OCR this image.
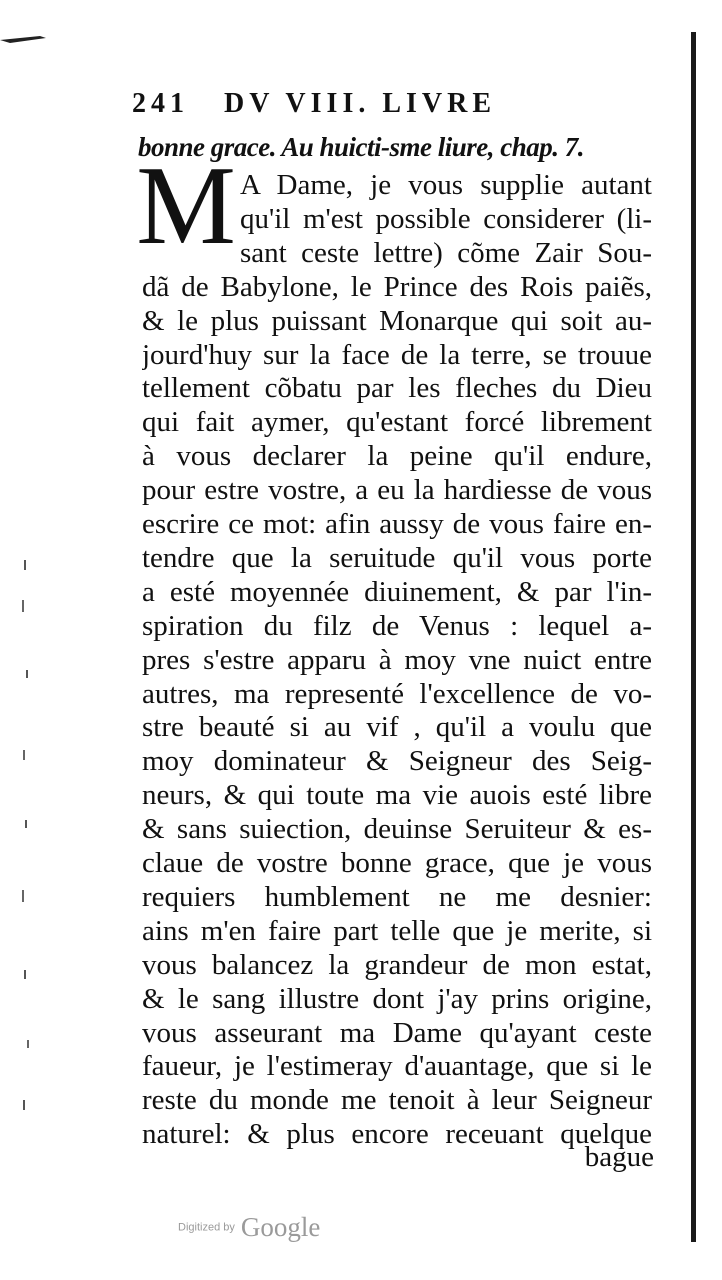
241 DV VIII. LIVRE
bonne grace. Au huicti-sme liure, chap. 7.
M A Dame, je vous supplie autant
qu'il m'est possible considerer (li-
sant ceste lettre) cõme Zair Sou-
dã de Babylone, le Prince des Rois paiẽs,
& le plus puissant Monarque qui soit au-
jourd'huy sur la face de la terre, se trouue
tellement cõbatu par les fleches du Dieu
qui fait aymer, qu'estant forcé librement
à vous declarer la peine qu'il endure,
pour estre vostre, a eu la hardiesse de vous
escrire ce mot: afin aussy de vous faire en-
tendre que la seruitude qu'il vous porte
a esté moyennée diuinement, & par l'in-
spiration du filz de Venus : lequel a-
pres s'estre apparu à moy vne nuict entre
autres, ma representé l'excellence de vo-
stre beauté si au vif , qu'il a voulu que
moy dominateur & Seigneur des Seig-
neurs, & qui toute ma vie auois esté libre
& sans suiection, deuinse Seruiteur & es-
claue de vostre bonne grace, que je vous
requiers humblement ne me desnier:
ains m'en faire part telle que je merite, si
vous balancez la grandeur de mon estat,
& le sang illustre dont j'ay prins origine,
vous asseurant ma Dame qu'ayant ceste
faueur, je l'estimeray d'auantage, que si le
reste du monde me tenoit à leur Seigneur
naturel: & plus encore receuant quelque
bague
Digitized by Google
